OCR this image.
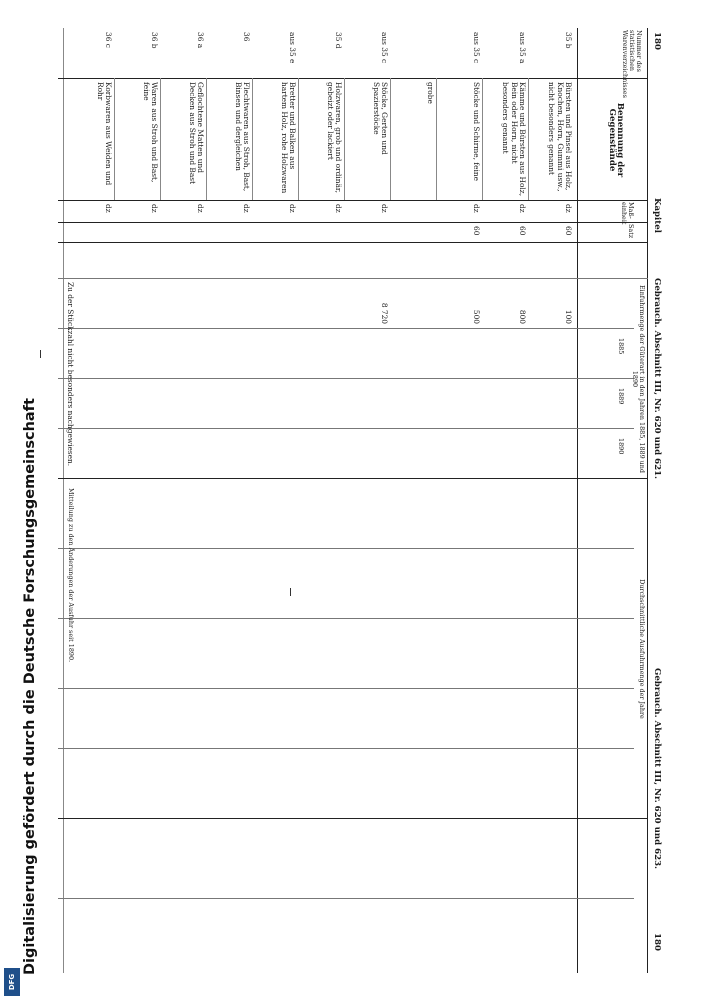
180
Kapitel
Gebrauch. Abschnitt III, Nr. 620 und 621.
Gebrauch. Abschnitt III, Nr. 620 und 623.
180
Nummer des statistischen Warenverzeichnisses
Benennung der Gegenstände
Maß- einheit
Satz
Einfuhrmenge der Güterart in den Jahren 1885, 1889 und 1890
Durchschnittliche Ausfuhrmenge der Jahre
1885
1889
1890
35 b
Bürsten und Pinsel aus Holz, Knochen, Horn, Gummi usw., nicht besonders genannt
dz
60
100
aus 35 a
Kämme und Bürsten aus Holz, Bein oder Horn, nicht besonders genannt
dz
60
800
aus 35 c
Stöcke und Schirme, feine
dz
60
500
grobe
aus 35 c
Stöcke, Gerten und Spazierstöcke
dz
8 720
35 d
Holzwaren, grob und ordinär, gebeizt oder lackiert
dz
aus 35 e
Bretter und Balken aus hartem Holz, rohe Holzwaren
dz
36
Flechtwaren aus Stroh, Bast, Binsen und dergleichen
dz
36 a
Geflochtene Matten und Decken aus Stroh und Bast
dz
36 b
Waren aus Stroh und Bast, feine
dz
36 c
Korbwaren aus Weiden und Rohr
dz
Zu der Stückzahl nicht besonders nachgewiesen.
Mitteilung zu den Änderungen der Ausfuhr seit 1890.
Digitalisierung gefördert durch die Deutsche Forschungsgemeinschaft
DFG
